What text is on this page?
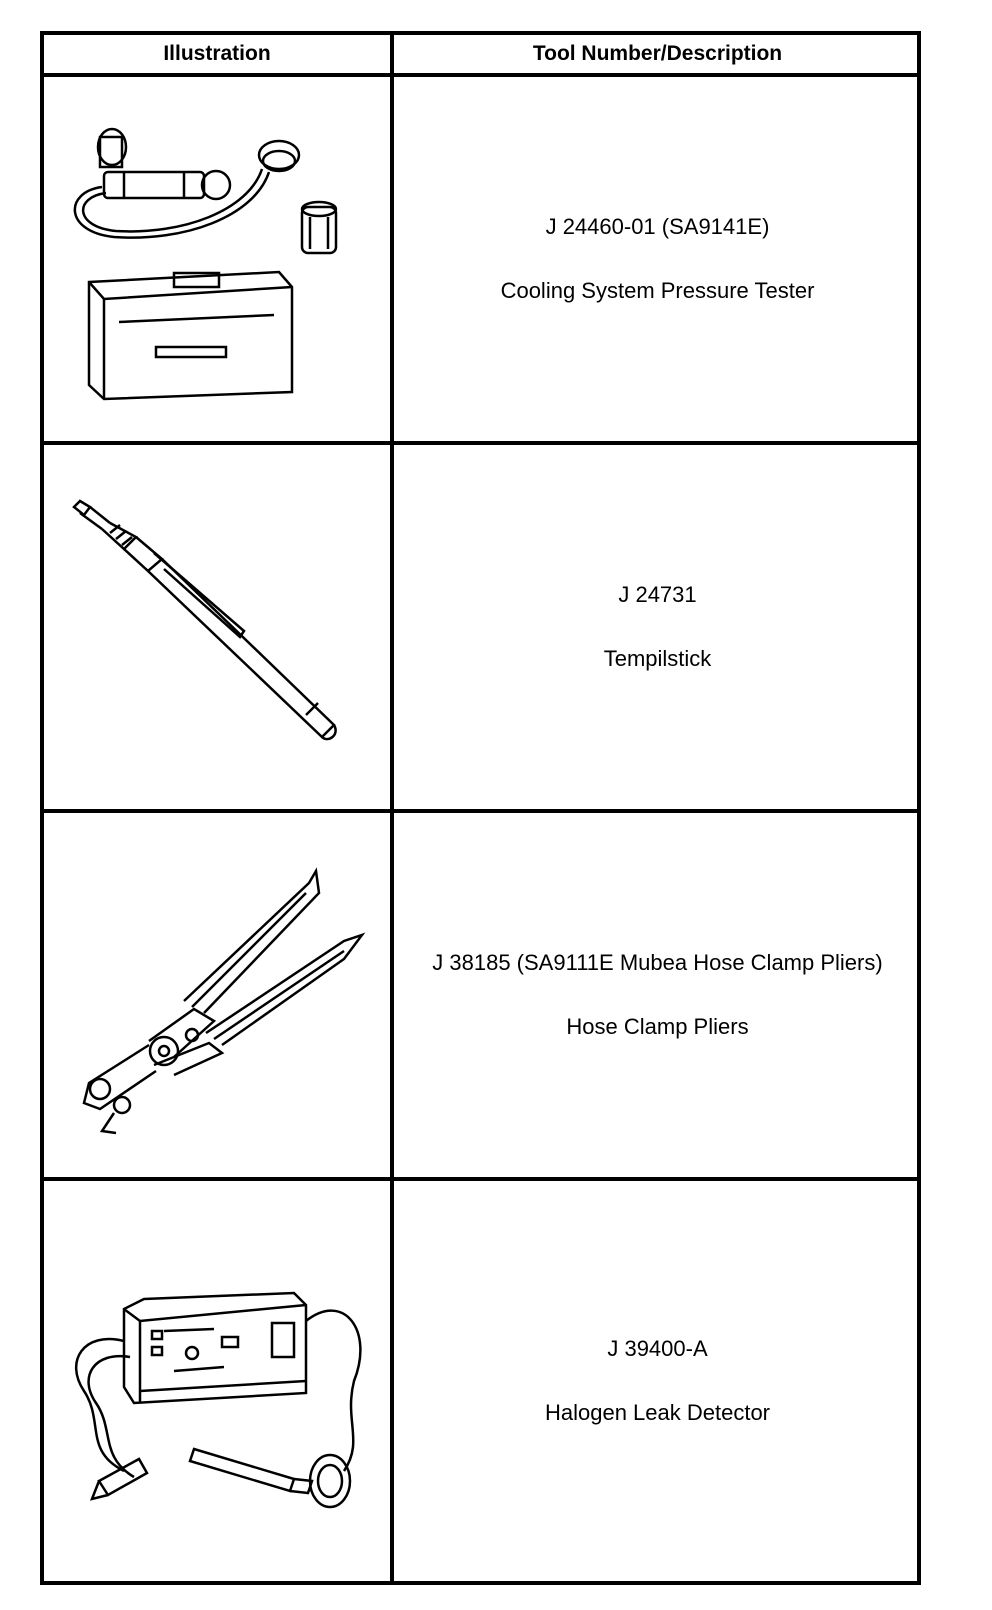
Illustration	Tool Number/Description
J 24460-01 (SA9141E)
Cooling System Pressure Tester
J 24731
Tempilstick
J 38185 (SA9111E Mubea Hose Clamp Pliers)
Hose Clamp Pliers
J 39400-A
Halogen Leak Detector
